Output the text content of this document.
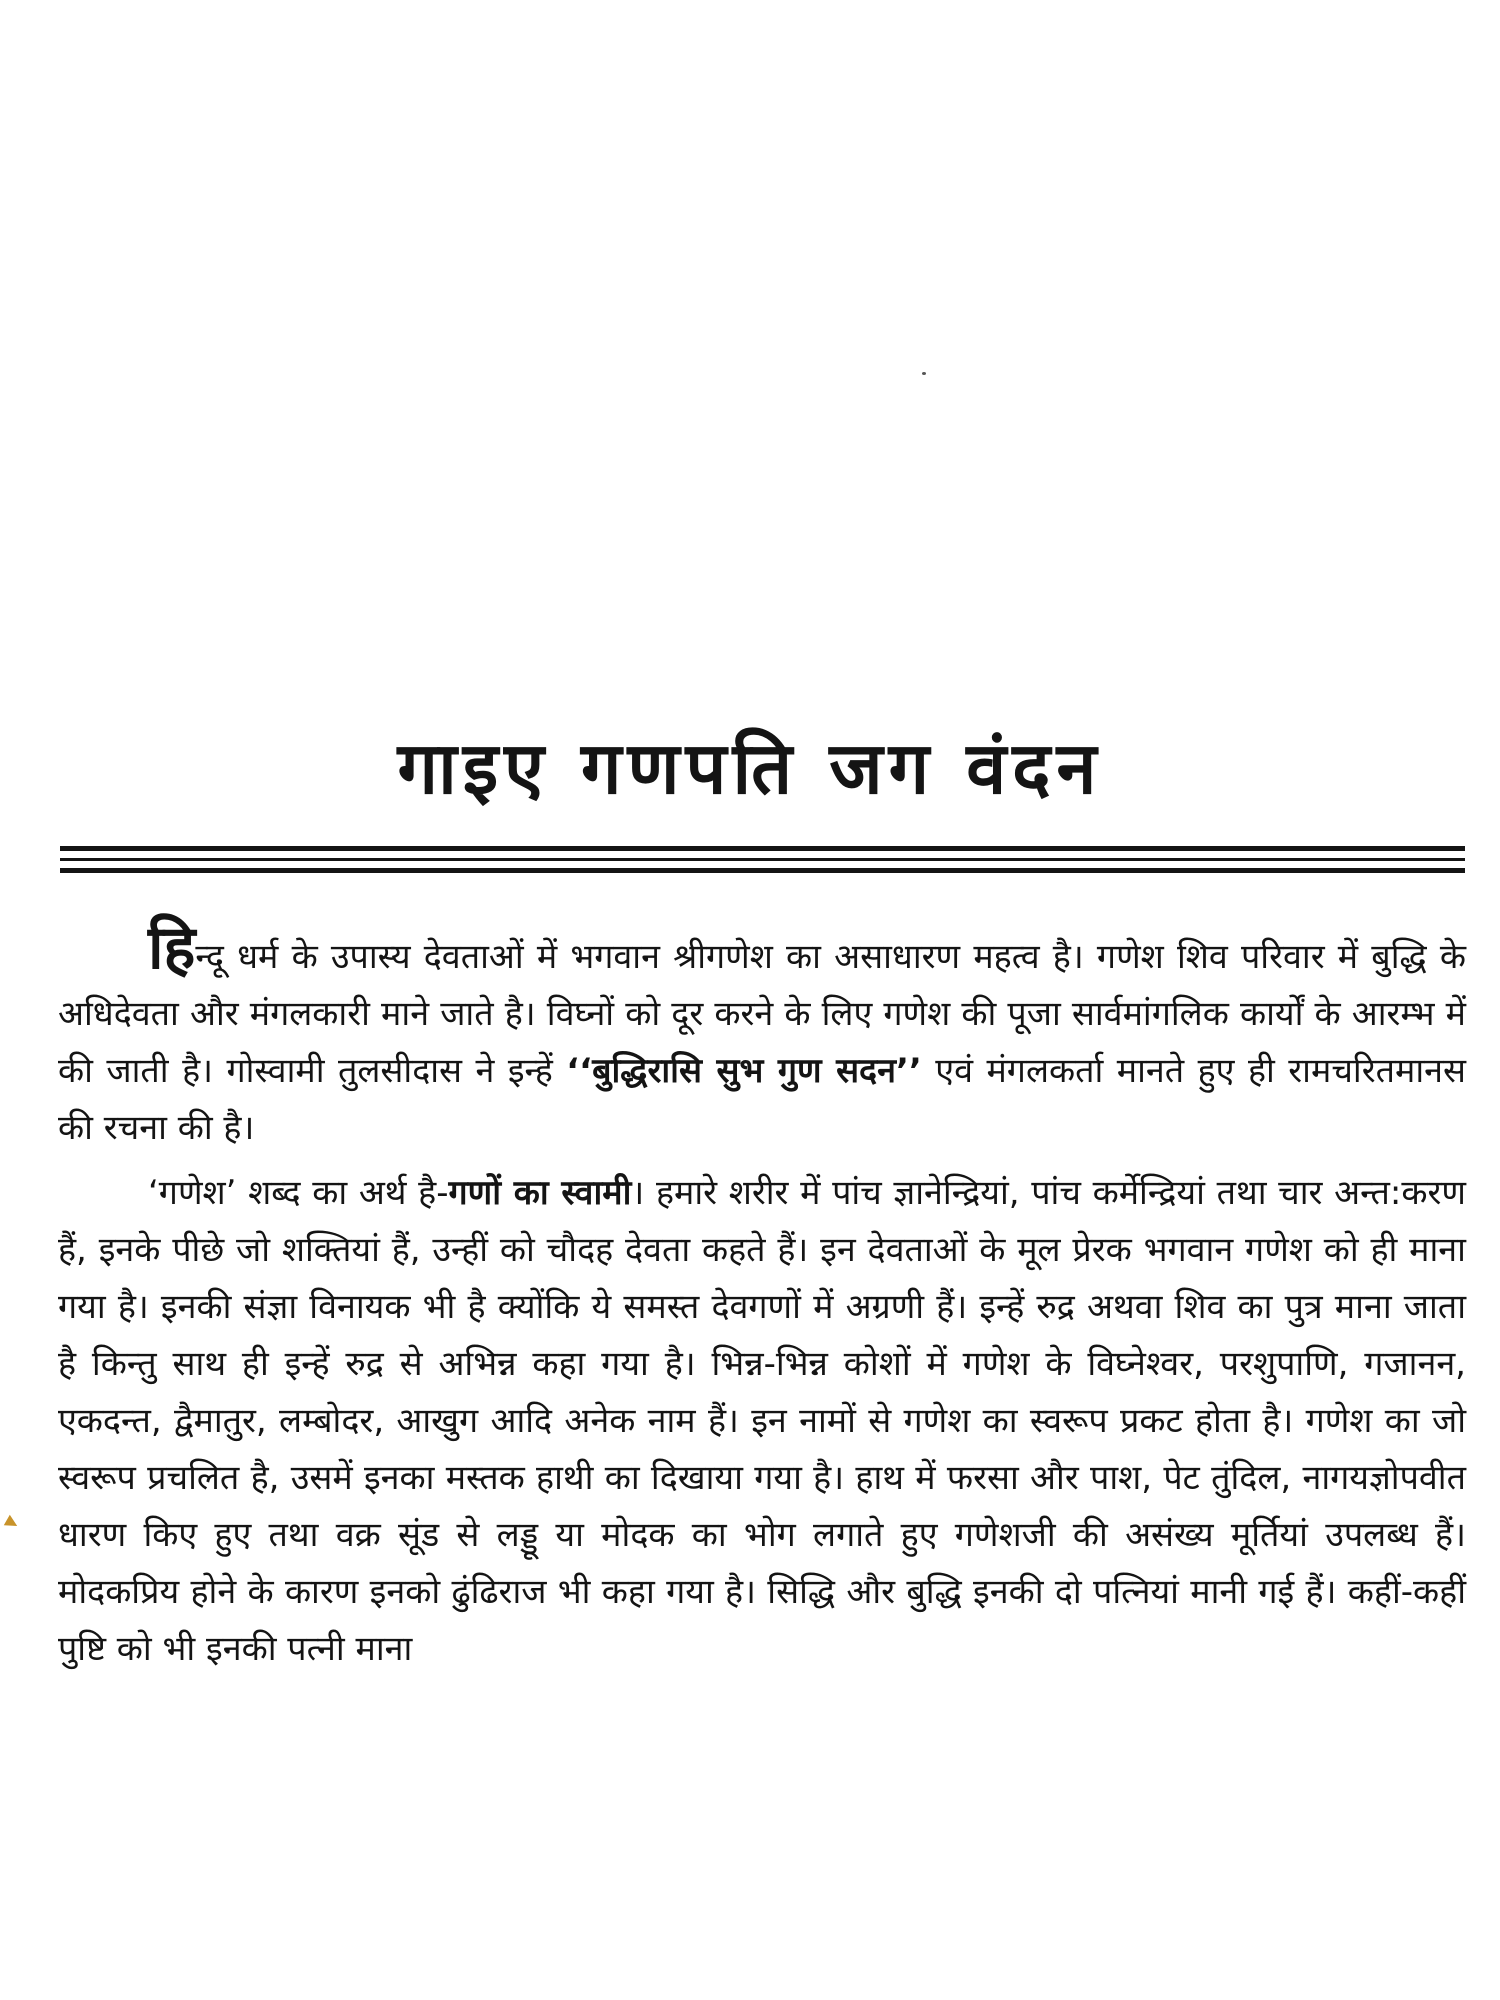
गाइए गणपति जग वंदन

हिन्दू धर्म के उपास्य देवताओं में भगवान श्रीगणेश का असाधारण महत्व है। गणेश शिव परिवार में बुद्धि के अधिदेवता और मंगलकारी माने जाते है। विघ्नों को दूर करने के लिए गणेश की पूजा सार्वमांगलिक कार्यों के आरम्भ में की जाती है। गोस्वामी तुलसीदास ने इन्हें ‘‘बुद्धिरासि सुभ गुण सदन’’ एवं मंगलकर्ता मानते हुए ही रामचरितमानस की रचना की है।

‘गणेश’ शब्द का अर्थ है-गणों का स्वामी। हमारे शरीर में पांच ज्ञानेन्द्रियां, पांच कर्मेन्द्रियां तथा चार अन्त:करण हैं, इनके पीछे जो शक्तियां हैं, उन्हीं को चौदह देवता कहते हैं। इन देवताओं के मूल प्रेरक भगवान गणेश को ही माना गया है। इनकी संज्ञा विनायक भी है क्योंकि ये समस्त देवगणों में अग्रणी हैं। इन्हें रुद्र अथवा शिव का पुत्र माना जाता है किन्तु साथ ही इन्हें रुद्र से अभिन्न कहा गया है। भिन्न-भिन्न कोशों में गणेश के विघ्नेश्वर, परशुपाणि, गजानन, एकदन्त, द्वैमातुर, लम्बोदर, आखुग आदि अनेक नाम हैं। इन नामों से गणेश का स्वरूप प्रकट होता है। गणेश का जो स्वरूप प्रचलित है, उसमें इनका मस्तक हाथी का दिखाया गया है। हाथ में फरसा और पाश, पेट तुंदिल, नागयज्ञोपवीत धारण किए हुए तथा वक्र सूंड से लड्डू या मोदक का भोग लगाते हुए गणेशजी की असंख्य मूर्तियां उपलब्ध हैं। मोदकप्रिय होने के कारण इनको ढुंढिराज भी कहा गया है। सिद्धि और बुद्धि इनकी दो पत्नियां मानी गई हैं। कहीं-कहीं पुष्टि को भी इनकी पत्नी माना
